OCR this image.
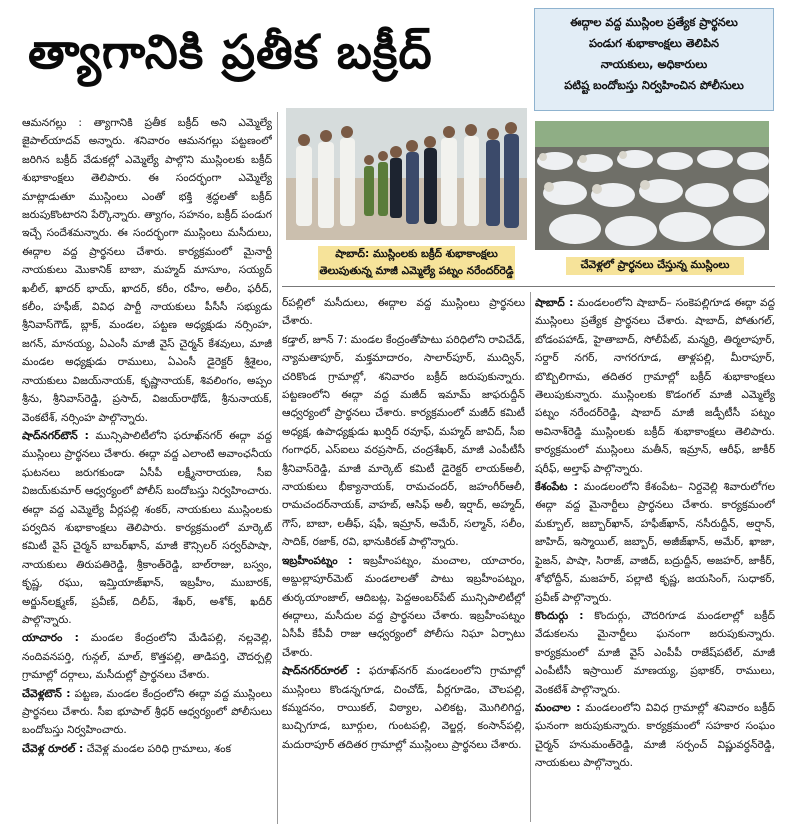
త్యాగానికి ప్రతీక బక్రీద్
ఈద్గాల వద్ద ముస్లింల ప్రత్యేక ప్రార్థనలు
పండుగ శుభాకాంక్షలు తెలిపిన
నాయకులు, అధికారులు
పటిష్ట బందోబస్తు నిర్వహించిన పోలీసులు
షాబాద్: ముస్లింలకు బక్రీద్ శుభాకాంక్షలు
తెలుపుతున్న మాజీ ఎమ్మెల్యే పట్నం నరేందర్‌రెడ్డి	చేవెళ్లలో ప్రార్థనలు చేస్తున్న ముస్లింలు

ఆమనగల్లు : త్యాగానికి ప్రతీక బక్రీద్ అని ఎమ్మెల్యే జైపాల్‌యాదవ్ అన్నారు. శనివారం ఆమనగల్లు పట్టణంలో జరిగిన బక్రీద్ వేడుకల్లో ఎమ్మెల్యే పాల్గొని ముస్లింలకు బక్రీద్ శుభాకాంక్షలు తెలిపారు. ఈ సందర్భంగా ఎమ్మెల్యే మాట్లాడుతూ ముస్లింలు ఎంతో భక్తి శ్రద్ధలతో బక్రీద్ జరుపుకొంటారని పేర్కొన్నారు. త్యాగం, సహనం, బక్రీద్ పండుగ ఇచ్చే సందేశమన్నారు. ఈ సందర్భంగా ముస్లింలు మసీదులు, ఈద్గాల వద్ద ప్రార్థనలు చేశారు. కార్యక్రమంలో మైనార్టీ నాయకులు మొకానిక్ బాబా, మహ్మద్ మాసూం, సయ్యద్ ఖలీల్, ఖాదర్ భాయ్, ఖాదర్, కరీం, రహీం, అలీం, ఫరీద్, కలీం, హఫీజ్, వివిధ పార్టీ నాయకులు పీసీసీ సభ్యుడు శ్రీనివాస్‌గౌడ్, బ్లాక్, మండల, పట్టణ అధ్యక్షుడు నర్సింహ, జగన్, మానయ్య, ఏఎంసీ మాజీ వైస్ చైర్మన్ కేశవులు, మాజీ మండల అధ్యక్షుడు రాములు, ఏఎంసీ డైరెక్టర్ శ్రీశైలం, నాయకులు విజయ్‌నాయక్, కృష్ణానాయక్, శివలింగం, అప్పం శ్రీను, శ్రీనివాస్‌రెడ్డి, ప్రసాద్, విజయ్‌రాథోడ్, శ్రీనునాయక్, వెంకటేశ్, నర్సింహ పాల్గొన్నారు.

షాద్‌నగర్‌టౌన్ : మున్సిపాలిటీలోని ఫరూఖ్‌నగర్ ఈద్గా వద్ద ముస్లింలు ప్రార్థనలు చేశారు. ఈద్గా వద్ద ఎలాంటి అవాంఛనీయ ఘటనలు జరుగకుండా ఏసీపీ లక్ష్మీనారాయణ, సీఐ విజయ్‌కుమార్ ఆధ్వర్యంలో పోలీస్ బందోబస్తు నిర్వహించారు. ఈద్గా వద్ద ఎమ్మెల్యే వీర్లపల్లి శంకర్, నాయకులు ముస్లింలకు పర్వదిన శుభాకాంక్షలు తెలిపారు. కార్యక్రమంలో మార్కెట్ కమిటీ వైస్ చైర్మన్ బాబర్‌ఖాన్, మాజీ కౌన్సిలర్ సర్వర్‌పాషా, నాయకులు తిరుపతిరెడ్డి, శ్రీకాంత్‌రెడ్డి, బాల్‌రాజు, బస్వం, కృష్ణ, రఘు, ఇమ్తియాజ్‌ఖాన్, ఇబ్రహీం, ముబారక్, అర్జున్‌లక్ష్మణ్, ప్రవీణ్, దిలీప్, శేఖర్, అశోక్, ఖదీర్ పాల్గొన్నారు.

యాచారం : మండల కేంద్రంలోని మేడిపల్లి, నల్లవెల్లి, నందివనపర్తి, గున్గల్, మాల్, కొత్తపల్లి, తాడిపర్తి, చౌదర్పల్లి గ్రామాల్లో దర్గాలు, మసీదుల్లో ప్రార్థనలు చేశారు.

చేవెళ్లటౌన్ : పట్టణ, మండల కేంద్రంలోని ఈద్గా వద్ద ముస్లింలు ప్రార్థనలు చేశారు. సీఐ భూపాల్ శ్రీధర్ ఆధ్వర్యంలో పోలీసులు బందోబస్తు నిర్వహించారు.

చేవెళ్ల రూరల్ : చేవెళ్ల మండల పరిధి గ్రామాలు, శంక

ర్‌పల్లిలో మసీదులు, ఈద్గాల వద్ద ముస్లింలు ప్రార్థనలు చేశారు.

కడ్తాల్, జూన్ 7: మండల కేంద్రంతోపాటు పరిధిలోని రావిచేడ్, న్యామతాపూర్, మక్తమాదారం, సాలార్‌పూర్, ముద్విన్, చరికొండ గ్రామాల్లో, శనివారం బక్రీద్ జరుపుకున్నారు. పట్టణంలోని ఈద్గా వద్ద మజీద్ ఇమామ్ జాఫరుద్దీన్ ఆధ్వర్యంలో ప్రార్థనలు చేశారు. కార్యక్రమంలో మజీద్ కమిటీ అధ్యక్ష, ఉపాధ్యక్షుడు ఖుర్షిద్ రవూఫ్, మహ్మద్ జావిద్, సీఐ గంగాధర్, ఎస్‌ఐలు వరప్రసాద్, చంద్రశేఖర్, మాజీ ఎంపీటీసీ శ్రీనివాస్‌రెడ్డి, మాజీ మార్కెట్ కమిటీ డైరెక్టర్ లాయక్‌అలీ, నాయకులు భీక్యానాయక్, రామచందర్, జహంగీర్‌ఆలీ, రామచందర్‌నాయక్, వాహబ్, ఆసిఫ్ అలీ, ఇర్షాద్, అహ్మద్, గౌస్, బాబా, లతీఫ్, షఫీ, ఇమ్రాన్, అమేర్, సల్మాన్, సలీం, సాదిక్, రజాక్, రవి, భానుకిరణ్ పాల్గొన్నారు.

ఇబ్రహీంపట్నం : ఇబ్రహీంపట్నం, మంచాల, యాచారం, అబ్దుల్లాపూర్‌మెట్ మండలాలతో పాటు ఇబ్రహీంపట్నం, తుర్కయాంజాల్, ఆదిబట్ల, పెద్దఅంబర్‌పేట్ మున్సిపాలిటీల్లో ఈద్గాలు, మసీదుల వద్ద ప్రార్థనలు చేశారు. ఇబ్రహీంపట్నం ఏసీపీ కేపీవీ రాజు ఆధ్వర్యంలో పోలీసు నిఘా ఏర్పాటు చేశారు.

షాద్‌నగర్‌రూరల్ : ఫరూఖ్‌నగర్ మండలంలోని గ్రామాల్లో ముస్లింలు కొండన్నగూడ, చించోడ్, వీర్లగూడెం, చౌలపల్లి, కమ్మదనం, రాయికల్, విఠ్యాల, ఎలికట్ట, మొగిలిగిద్ద, బుచ్చిగూడ, బూర్గుల, గుంటపల్లి, వెల్జర్ల, కంసాన్‌పల్లి, మదురాపూర్ తదితర గ్రామాల్లో ముస్లింలు ప్రార్థనలు చేశారు.

షాబాద్ : మండలంలోని షాబాద్– సంకెపల్లిగూడ ఈద్గా వద్ద ముస్లింలు ప్రత్యేక ప్రార్థనలు చేశారు. షాబాద్, పోతుగల్, బోడంపహాడ్, హైతాబాద్, సోలీపేట్, మన్మర్రి, తిర్మలాపూర్, సర్దార్ నగర్, నాగరగూడ, తాళ్లపల్లి, మీరాపూర్, బొబ్బిలిగామ, తదితర గ్రామాల్లో బక్రీద్ శుభాకాంక్షలు తెలుపుకున్నారు. ముస్లింలకు కొడంగల్ మాజీ ఎమ్మెల్యే పట్నం నరేందర్‌రెడ్డి, షాబాద్ మాజీ జడ్పీటీసీ పట్నం అవినాశ్‌రెడ్డి ముస్లింలకు బక్రీద్ శుభాకాంక్షలు తెలిపారు. కార్యక్రమంలో ముస్లింలు మతీన్, ఇమ్రాన్, ఆరీఫ్, జాకీర్ షరీఫ్, అల్తాఫ్ పాల్గొన్నారు.

కేశంపేట : మండలంలోని కేశంపేట– నిర్దవెల్లి శివారులోగల ఈద్గా వద్ద మైనార్టీలు ప్రార్థనలు చేశారు. కార్యక్రమంలో మక్బూల్, జబ్బార్‌ఖాన్, హఫీజ్‌ఖాన్, నసీరుద్దీన్, అర్షాన్, జాహిద్, ఇస్మాయిల్, జబ్బార్, అజీజ్‌ఖాన్, అమేర్, ఖాజా, ఫైజన్, పాషా, సిరాజ్, వాజిద్, బద్రుద్దీన్, అజహర్, జాకీర్, శోభోద్దీన్, మజహర్, పల్లాటి కృష్ణ, జయసింగ్, సుధాకర్, ప్రవీణ్ పాల్గొన్నారు.

కొందుర్గు : కొందుర్గు, చౌదరిగూడ మండలాల్లో బక్రీద్ వేడుకలను మైనార్టీలు ఘనంగా జరుపుకున్నారు. కార్యక్రమంలో మాజీ వైస్ ఎంపీపీ రాజేష్‌పటేల్, మాజీ ఎంపీటీసీ ఇస్రాయిల్ మాణయ్య, ప్రభాకర్, రాములు, వెంకటేశ్ పాల్గొన్నారు.

మంచాల : మండలంలోని వివిధ గ్రామాల్లో శనివారం బక్రీద్ ఘనంగా జరుపుకున్నారు. కార్యక్రమంలో సహకార సంఘం చైర్మన్ హనుమంత్‌రెడ్డి, మాజీ సర్పంచ్ విష్ణువర్ధన్‌రెడ్డి, నాయకులు పాల్గొన్నారు.
